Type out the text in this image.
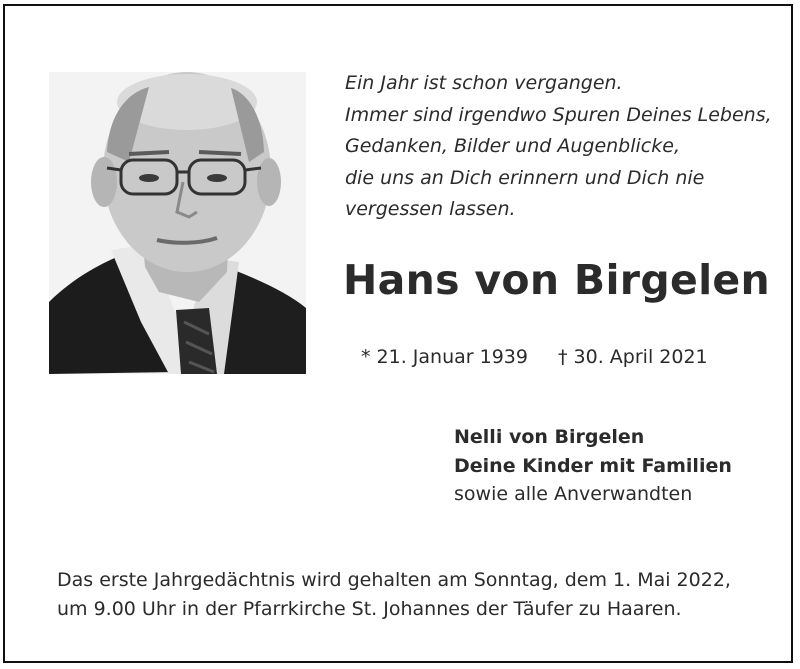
Ein Jahr ist schon vergangen.
Immer sind irgendwo Spuren Deines Lebens,
Gedanken, Bilder und Augenblicke,
die uns an Dich erinnern und Dich nie
vergessen lassen.
Hans von Birgelen
* 21. Januar 1939 † 30. April 2021
Nelli von Birgelen
Deine Kinder mit Familien
sowie alle Anverwandten
Das erste Jahrgedächtnis wird gehalten am Sonntag, dem 1. Mai 2022,
um 9.00 Uhr in der Pfarrkirche St. Johannes der Täufer zu Haaren.
